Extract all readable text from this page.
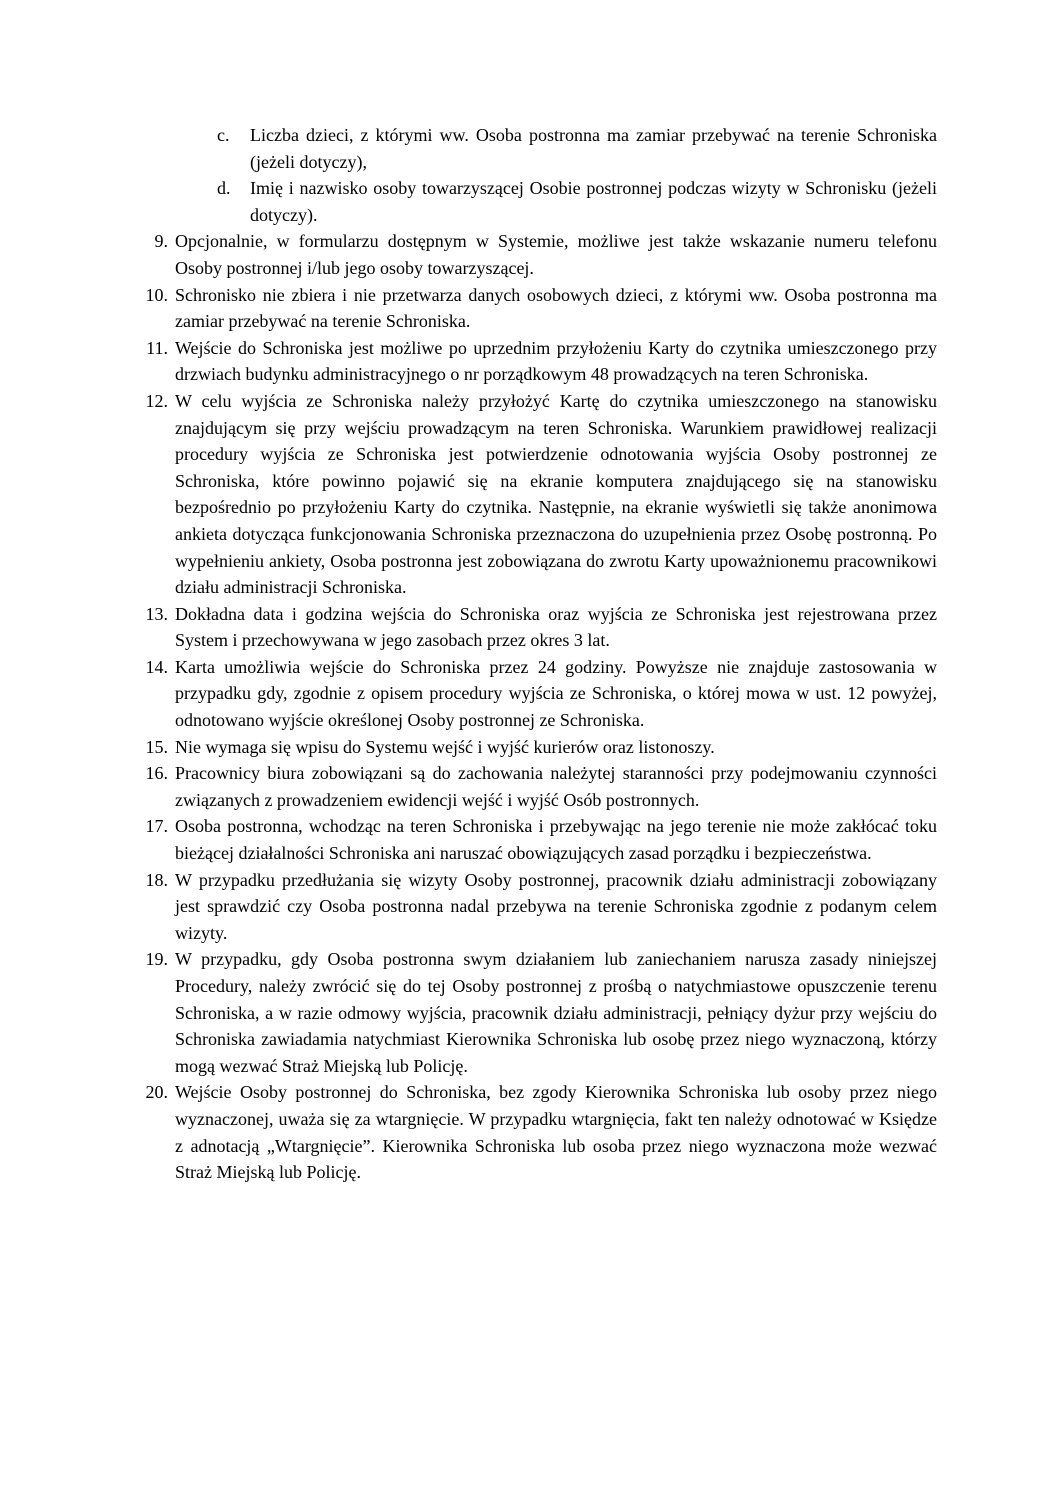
c.	Liczba dzieci, z którymi ww. Osoba postronna ma zamiar przebywać na terenie Schroniska (jeżeli dotyczy),
d.	Imię i nazwisko osoby towarzyszącej Osobie postronnej podczas wizyty w Schronisku (jeżeli dotyczy).
9. Opcjonalnie, w formularzu dostępnym w Systemie, możliwe jest także wskazanie numeru telefonu Osoby postronnej i/lub jego osoby towarzyszącej.
10. Schronisko nie zbiera i nie przetwarza danych osobowych dzieci, z którymi ww. Osoba postronna ma zamiar przebywać na terenie Schroniska.
11. Wejście do Schroniska jest możliwe po uprzednim przyłożeniu Karty do czytnika umieszczonego przy drzwiach budynku administracyjnego o nr porządkowym 48 prowadzących na teren Schroniska.
12. W celu wyjścia ze Schroniska należy przyłożyć Kartę do czytnika umieszczonego na stanowisku znajdującym się przy wejściu prowadzącym na teren Schroniska. Warunkiem prawidłowej realizacji procedury wyjścia ze Schroniska jest potwierdzenie odnotowania wyjścia Osoby postronnej ze Schroniska, które powinno pojawić się na ekranie komputera znajdującego się na stanowisku bezpośrednio po przyłożeniu Karty do czytnika. Następnie, na ekranie wyświetli się także anonimowa ankieta dotycząca funkcjonowania Schroniska przeznaczona do uzupełnienia przez Osobę postronną. Po wypełnieniu ankiety, Osoba postronna jest zobowiązana do zwrotu Karty upoważnionemu pracownikowi działu administracji Schroniska.
13. Dokładna data i godzina wejścia do Schroniska oraz wyjścia ze Schroniska jest rejestrowana przez System i przechowywana w jego zasobach przez okres 3 lat.
14. Karta umożliwia wejście do Schroniska przez 24 godziny. Powyższe nie znajduje zastosowania w przypadku gdy, zgodnie z opisem procedury wyjścia ze Schroniska, o której mowa w ust. 12 powyżej, odnotowano wyjście określonej Osoby postronnej ze Schroniska.
15. Nie wymaga się wpisu do Systemu wejść i wyjść kurierów oraz listonoszy.
16. Pracownicy biura zobowiązani są do zachowania należytej staranności przy podejmowaniu czynności związanych z prowadzeniem ewidencji wejść i wyjść Osób postronnych.
17. Osoba postronna, wchodząc na teren Schroniska i przebywając na jego terenie nie może zakłócać toku bieżącej działalności Schroniska ani naruszać obowiązujących zasad porządku i bezpieczeństwa.
18. W przypadku przedłużania się wizyty Osoby postronnej, pracownik działu administracji zobowiązany jest sprawdzić czy Osoba postronna nadal przebywa na terenie Schroniska zgodnie z podanym celem wizyty.
19. W przypadku, gdy Osoba postronna swym działaniem lub zaniechaniem narusza zasady niniejszej Procedury, należy zwrócić się do tej Osoby postronnej z prośbą o natychmiastowe opuszczenie terenu Schroniska, a w razie odmowy wyjścia, pracownik działu administracji, pełniący dyżur przy wejściu do Schroniska zawiadamia natychmiast Kierownika Schroniska lub osobę przez niego wyznaczoną, którzy mogą wezwać Straż Miejską lub Policję.
20. Wejście Osoby postronnej do Schroniska, bez zgody Kierownika Schroniska lub osoby przez niego wyznaczonej, uważa się za wtargnięcie. W przypadku wtargnięcia, fakt ten należy odnotować w Księdze z adnotacją „Wtargnięcie”. Kierownika Schroniska lub osoba przez niego wyznaczona może wezwać Straż Miejską lub Policję.
